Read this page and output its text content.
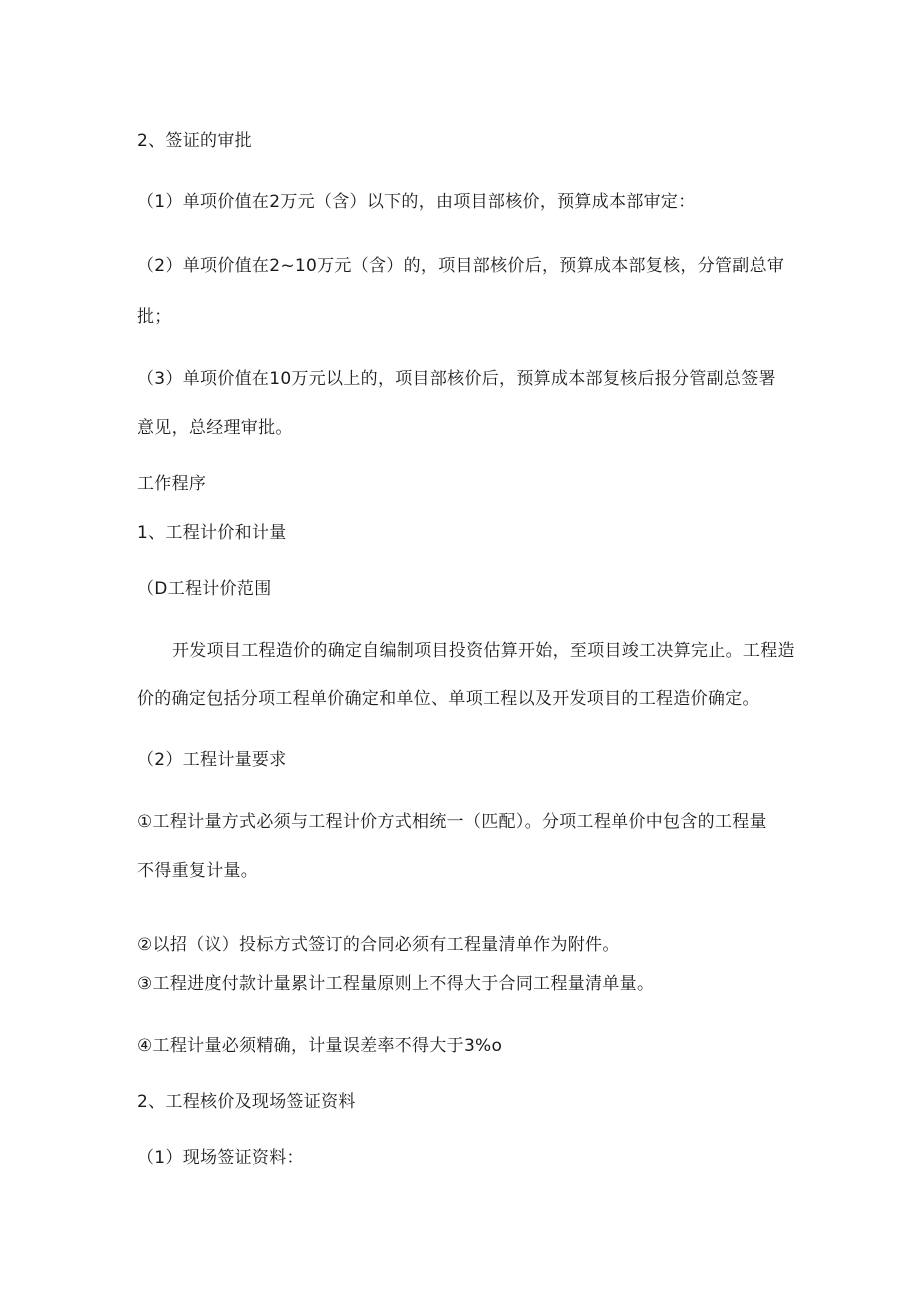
2、签证的审批

（1）单项价值在2万元（含）以下的，由项目部核价，预算成本部审定：

（2）单项价值在2~10万元（含）的，项目部核价后，预算成本部复核，分管副总审

批；

（3）单项价值在10万元以上的，项目部核价后，预算成本部复核后报分管副总签署

意见，总经理审批。

工作程序

1、工程计价和计量

（D工程计价范围

开发项目工程造价的确定自编制项目投资估算开始，至项目竣工决算完止。工程造

价的确定包括分项工程单价确定和单位、单项工程以及开发项目的工程造价确定。

（2）工程计量要求

①工程计量方式必须与工程计价方式相统一（匹配）。分项工程单价中包含的工程量

不得重复计量。

②以招（议）投标方式签订的合同必须有工程量清单作为附件。

③工程进度付款计量累计工程量原则上不得大于合同工程量清单量。

④工程计量必须精确，计量误差率不得大于3%o

2、工程核价及现场签证资料

（1）现场签证资料：
